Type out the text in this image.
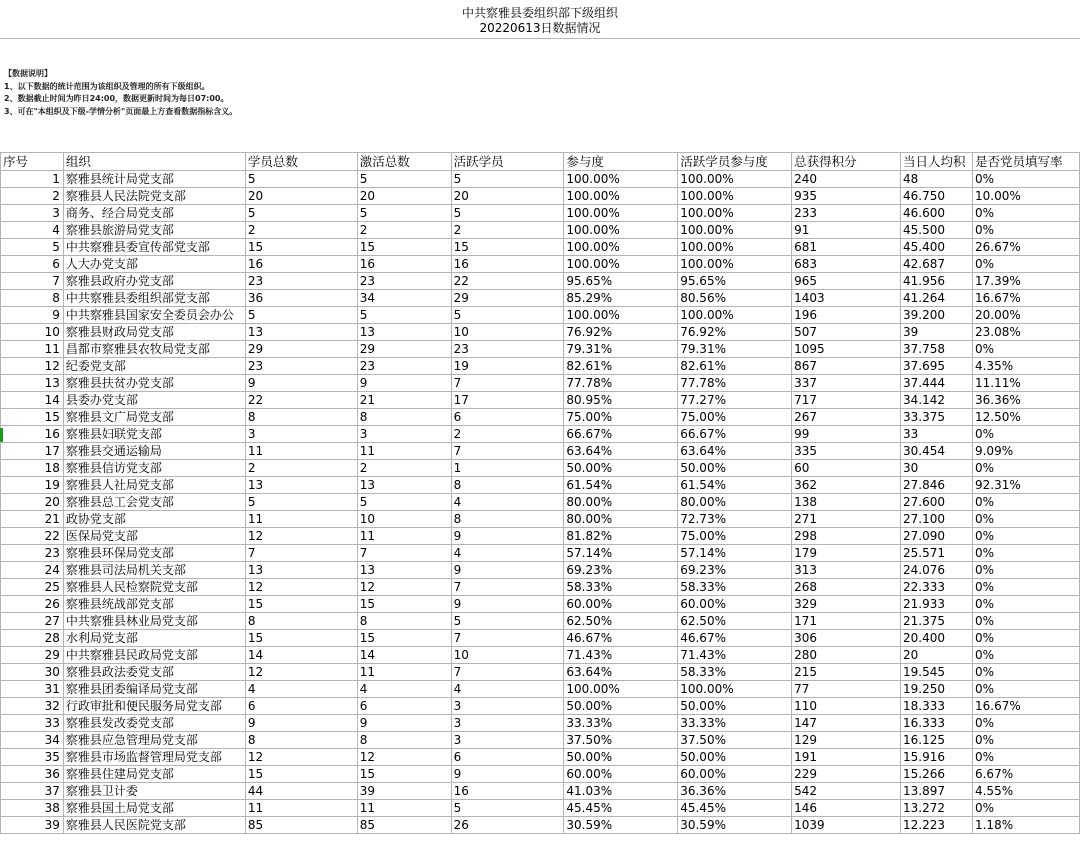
中共察雅县委组织部下级组织
20220613日数据情况
【数据说明】
1、以下数据的统计范围为该组织及管理的所有下级组织。
2、数据截止时间为昨日24:00，数据更新时间为每日07:00。
3、可在"本组织及下级-学情分析"页面最上方查看数据指标含义。
序号	组织	学员总数	激活总数	活跃学员	参与度	活跃学员参与度	总获得积分	当日人均积	是否党员填写率
1	察雅县统计局党支部	5	5	5	100.00%	100.00%	240	48	0%
2	察雅县人民法院党支部	20	20	20	100.00%	100.00%	935	46.750	10.00%
3	商务、经合局党支部	5	5	5	100.00%	100.00%	233	46.600	0%
4	察雅县旅游局党支部	2	2	2	100.00%	100.00%	91	45.500	0%
5	中共察雅县委宣传部党支部	15	15	15	100.00%	100.00%	681	45.400	26.67%
6	人大办党支部	16	16	16	100.00%	100.00%	683	42.687	0%
7	察雅县政府办党支部	23	23	22	95.65%	95.65%	965	41.956	17.39%
8	中共察雅县委组织部党支部	36	34	29	85.29%	80.56%	1403	41.264	16.67%
9	中共察雅县国家安全委员会办公	5	5	5	100.00%	100.00%	196	39.200	20.00%
10	察雅县财政局党支部	13	13	10	76.92%	76.92%	507	39	23.08%
11	昌都市察雅县农牧局党支部	29	29	23	79.31%	79.31%	1095	37.758	0%
12	纪委党支部	23	23	19	82.61%	82.61%	867	37.695	4.35%
13	察雅县扶贫办党支部	9	9	7	77.78%	77.78%	337	37.444	11.11%
14	县委办党支部	22	21	17	80.95%	77.27%	717	34.142	36.36%
15	察雅县文广局党支部	8	8	6	75.00%	75.00%	267	33.375	12.50%
16	察雅县妇联党支部	3	3	2	66.67%	66.67%	99	33	0%
17	察雅县交通运输局	11	11	7	63.64%	63.64%	335	30.454	9.09%
18	察雅县信访党支部	2	2	1	50.00%	50.00%	60	30	0%
19	察雅县人社局党支部	13	13	8	61.54%	61.54%	362	27.846	92.31%
20	察雅县总工会党支部	5	5	4	80.00%	80.00%	138	27.600	0%
21	政协党支部	11	10	8	80.00%	72.73%	271	27.100	0%
22	医保局党支部	12	11	9	81.82%	75.00%	298	27.090	0%
23	察雅县环保局党支部	7	7	4	57.14%	57.14%	179	25.571	0%
24	察雅县司法局机关支部	13	13	9	69.23%	69.23%	313	24.076	0%
25	察雅县人民检察院党支部	12	12	7	58.33%	58.33%	268	22.333	0%
26	察雅县统战部党支部	15	15	9	60.00%	60.00%	329	21.933	0%
27	中共察雅县林业局党支部	8	8	5	62.50%	62.50%	171	21.375	0%
28	水利局党支部	15	15	7	46.67%	46.67%	306	20.400	0%
29	中共察雅县民政局党支部	14	14	10	71.43%	71.43%	280	20	0%
30	察雅县政法委党支部	12	11	7	63.64%	58.33%	215	19.545	0%
31	察雅县团委编译局党支部	4	4	4	100.00%	100.00%	77	19.250	0%
32	行政审批和便民服务局党支部	6	6	3	50.00%	50.00%	110	18.333	16.67%
33	察雅县发改委党支部	9	9	3	33.33%	33.33%	147	16.333	0%
34	察雅县应急管理局党支部	8	8	3	37.50%	37.50%	129	16.125	0%
35	察雅县市场监督管理局党支部	12	12	6	50.00%	50.00%	191	15.916	0%
36	察雅县住建局党支部	15	15	9	60.00%	60.00%	229	15.266	6.67%
37	察雅县卫计委	44	39	16	41.03%	36.36%	542	13.897	4.55%
38	察雅县国土局党支部	11	11	5	45.45%	45.45%	146	13.272	0%
39	察雅县人民医院党支部	85	85	26	30.59%	30.59%	1039	12.223	1.18%
